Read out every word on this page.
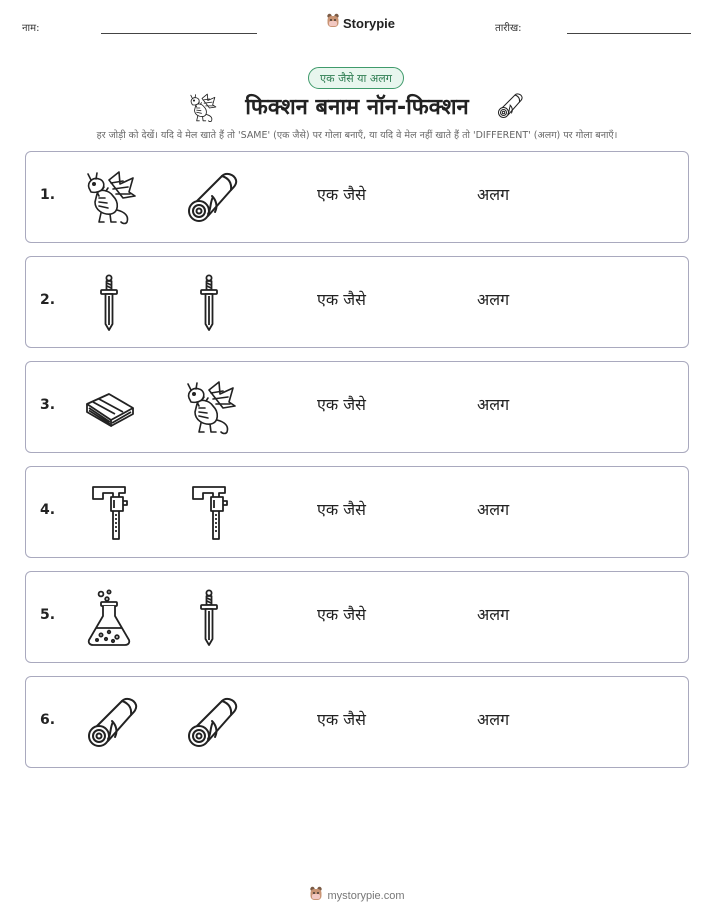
नाम:	Storypie	तारीख:
एक जैसे या अलग
फिक्शन बनाम नॉन-फिक्शन
हर जोड़ी को देखें। यदि वे मेल खाते हैं तो 'SAME' (एक जैसे) पर गोला बनाएँ, या यदि वे मेल नहीं खाते हैं तो 'DIFFERENT' (अलग) पर गोला बनाएँ।
1.	एक जैसे	अलग
2.	एक जैसे	अलग
3.	एक जैसे	अलग
4.	एक जैसे	अलग
5.	एक जैसे	अलग
6.	एक जैसे	अलग
mystorypie.com
